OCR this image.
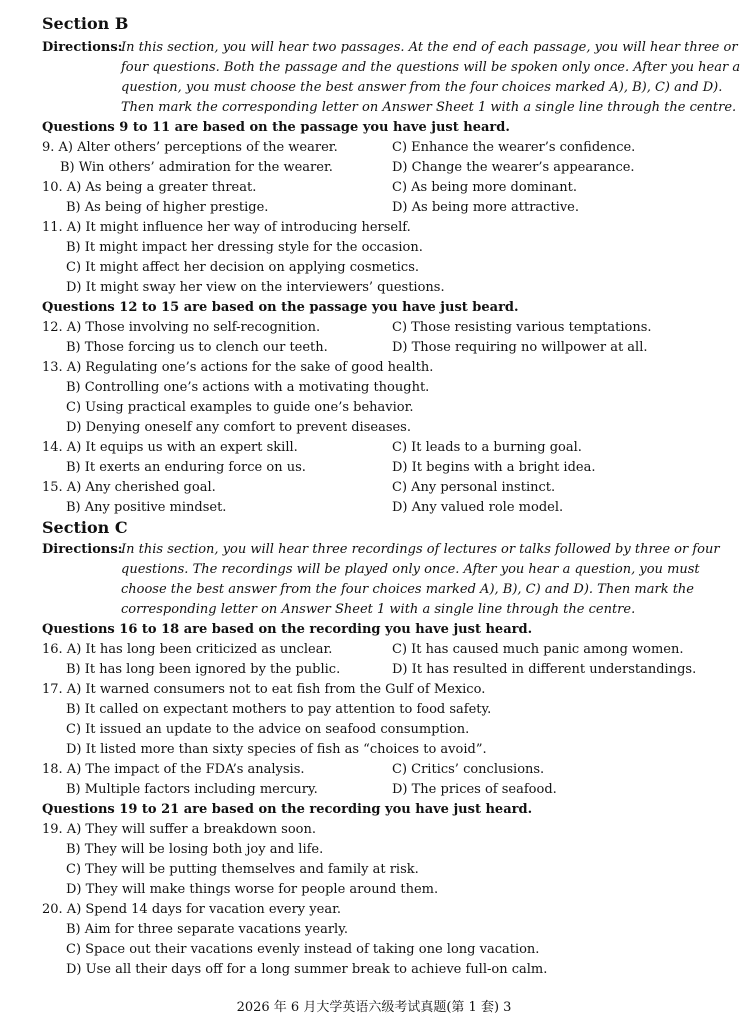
Section B
Directions:
In this section, you will hear two passages. At the end of each passage, you will hear three or
four questions. Both the passage and the questions will be spoken only once. After you hear a
question, you must choose the best answer from the four choices marked A), B), C) and D).
Then mark the corresponding letter on Answer Sheet 1 with a single line through the centre.
Questions 9 to 11 are based on the passage you have just heard.
9. A) Alter others’ perceptions of the wearer.	C) Enhance the wearer’s confidence.
B) Win others’ admiration for the wearer.	D) Change the wearer’s appearance.
10. A) As being a greater threat.	C) As being more dominant.
B) As being of higher prestige.	D) As being more attractive.
11. A) It might influence her way of introducing herself.
B) It might impact her dressing style for the occasion.
C) It might affect her decision on applying cosmetics.
D) It might sway her view on the interviewers’ questions.
Questions 12 to 15 are based on the passage you have just beard.
12. A) Those involving no self-recognition.	C) Those resisting various temptations.
B) Those forcing us to clench our teeth.	D) Those requiring no willpower at all.
13. A) Regulating one’s actions for the sake of good health.
B) Controlling one’s actions with a motivating thought.
C) Using practical examples to guide one’s behavior.
D) Denying oneself any comfort to prevent diseases.
14. A) It equips us with an expert skill.	C) It leads to a burning goal.
B) It exerts an enduring force on us.	D) It begins with a bright idea.
15. A) Any cherished goal.	C) Any personal instinct.
B) Any positive mindset.	D) Any valued role model.
Section C
Directions:
In this section, you will hear three recordings of lectures or talks followed by three or four
questions. The recordings will be played only once. After you hear a question, you must
choose the best answer from the four choices marked A), B), C) and D). Then mark the
corresponding letter on Answer Sheet 1 with a single line through the centre.
Questions 16 to 18 are based on the recording you have just heard.
16. A) It has long been criticized as unclear.	C) It has caused much panic among women.
B) It has long been ignored by the public.	D) It has resulted in different understandings.
17. A) It warned consumers not to eat fish from the Gulf of Mexico.
B) It called on expectant mothers to pay attention to food safety.
C) It issued an update to the advice on seafood consumption.
D) It listed more than sixty species of fish as “choices to avoid”.
18. A) The impact of the FDA’s analysis.	C) Critics’ conclusions.
B) Multiple factors including mercury.	D) The prices of seafood.
Questions 19 to 21 are based on the recording you have just heard.
19. A) They will suffer a breakdown soon.
B) They will be losing both joy and life.
C) They will be putting themselves and family at risk.
D) They will make things worse for people around them.
20. A) Spend 14 days for vacation every year.
B) Aim for three separate vacations yearly.
C) Space out their vacations evenly instead of taking one long vacation.
D) Use all their days off for a long summer break to achieve full-on calm.
2026 年 6 月大学英语六级考试真题(第 1 套) 3
